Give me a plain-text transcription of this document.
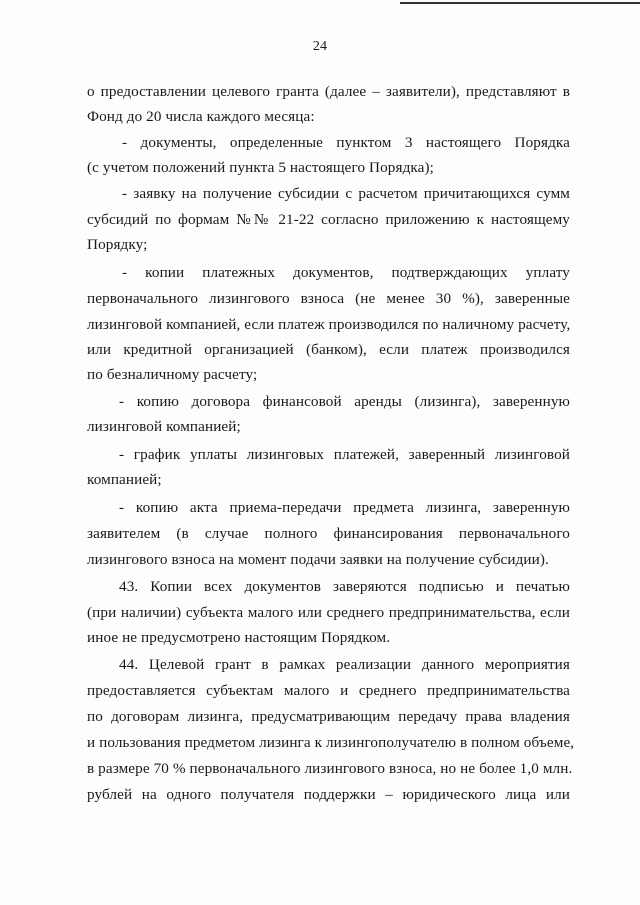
24
о предоставлении целевого гранта (далее – заявители), представляют в
Фонд до 20 числа каждого месяца:
- документы, определенные пунктом 3 настоящего Порядка
(с учетом положений пункта 5 настоящего Порядка);
- заявку на получение субсидии с расчетом причитающихся сумм
субсидий по формам №№ 21-22 согласно приложению к настоящему
Порядку;
- копии платежных документов, подтверждающих уплату
первоначального лизингового взноса (не менее 30 %), заверенные
лизинговой компанией, если платеж производился по наличному расчету,
или кредитной организацией (банком), если платеж производился
по безналичному расчету;
- копию договора финансовой аренды (лизинга), заверенную
лизинговой компанией;
- график уплаты лизинговых платежей, заверенный лизинговой
компанией;
- копию акта приема-передачи предмета лизинга, заверенную
заявителем (в случае полного финансирования первоначального
лизингового взноса на момент подачи заявки на получение субсидии).
43. Копии всех документов заверяются подписью и печатью
(при наличии) субъекта малого или среднего предпринимательства, если
иное не предусмотрено настоящим Порядком.
44. Целевой грант в рамках реализации данного мероприятия
предоставляется субъектам малого и среднего предпринимательства
по договорам лизинга, предусматривающим передачу права владения
и пользования предметом лизинга к лизингополучателю в полном объеме,
в размере 70 % первоначального лизингового взноса, но не более 1,0 млн.
рублей на одного получателя поддержки – юридического лица или
